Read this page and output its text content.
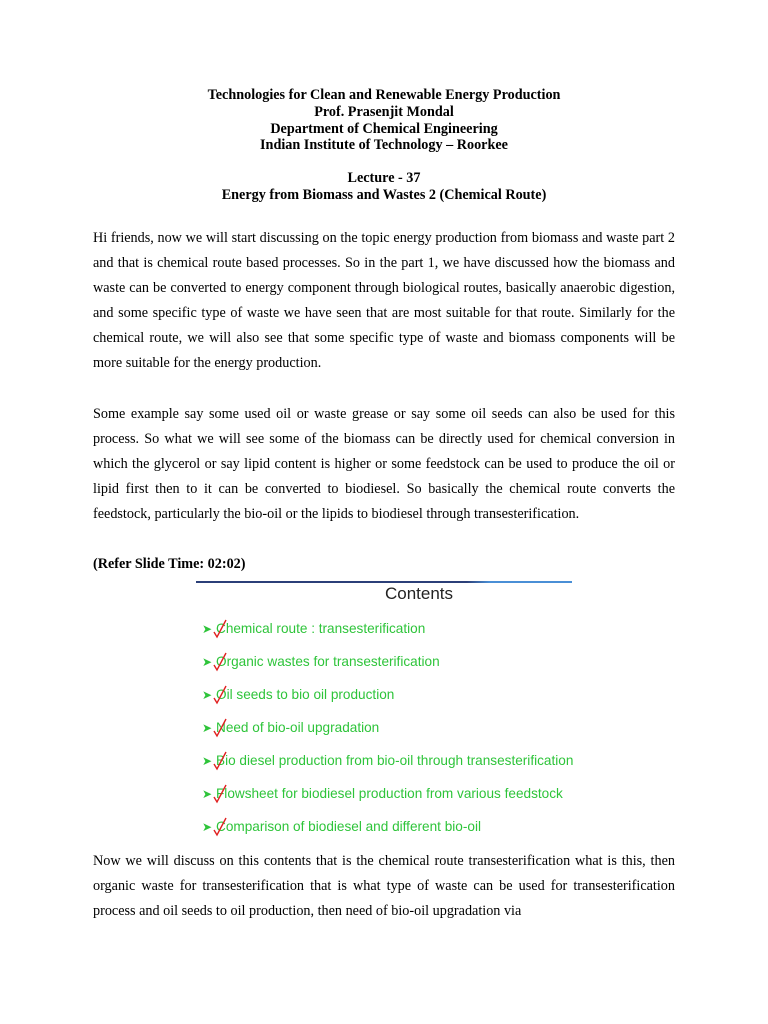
Technologies for Clean and Renewable Energy Production
Prof. Prasenjit Mondal
Department of Chemical Engineering
Indian Institute of Technology – Roorkee
Lecture - 37
Energy from Biomass and Wastes 2 (Chemical Route)

Hi friends, now we will start discussing on the topic energy production from biomass and waste part 2 and that is chemical route based processes. So in the part 1, we have discussed how the biomass and waste can be converted to energy component through biological routes, basically anaerobic digestion, and some specific type of waste we have seen that are most suitable for that route. Similarly for the chemical route, we will also see that some specific type of waste and biomass components will be more suitable for the energy production.

Some example say some used oil or waste grease or say some oil seeds can also be used for this process. So what we will see some of the biomass can be directly used for chemical conversion in which the glycerol or say lipid content is higher or some feedstock can be used to produce the oil or lipid first then to it can be converted to biodiesel. So basically the chemical route converts the feedstock, particularly the bio-oil or the lipids to biodiesel through transesterification.

(Refer Slide Time: 02:02)
Contents
➤ Chemical route : transesterification
➤ Organic wastes for transesterification
➤ Oil seeds to bio oil production
➤ Need of bio-oil upgradation
➤ Bio diesel production from bio-oil through transesterification
➤ Flowsheet for biodiesel production from various feedstock
➤ Comparison of biodiesel and different bio-oil

Now we will discuss on this contents that is the chemical route transesterification what is this, then organic waste for transesterification that is what type of waste can be used for transesterification process and oil seeds to oil production, then need of bio-oil upgradation via
